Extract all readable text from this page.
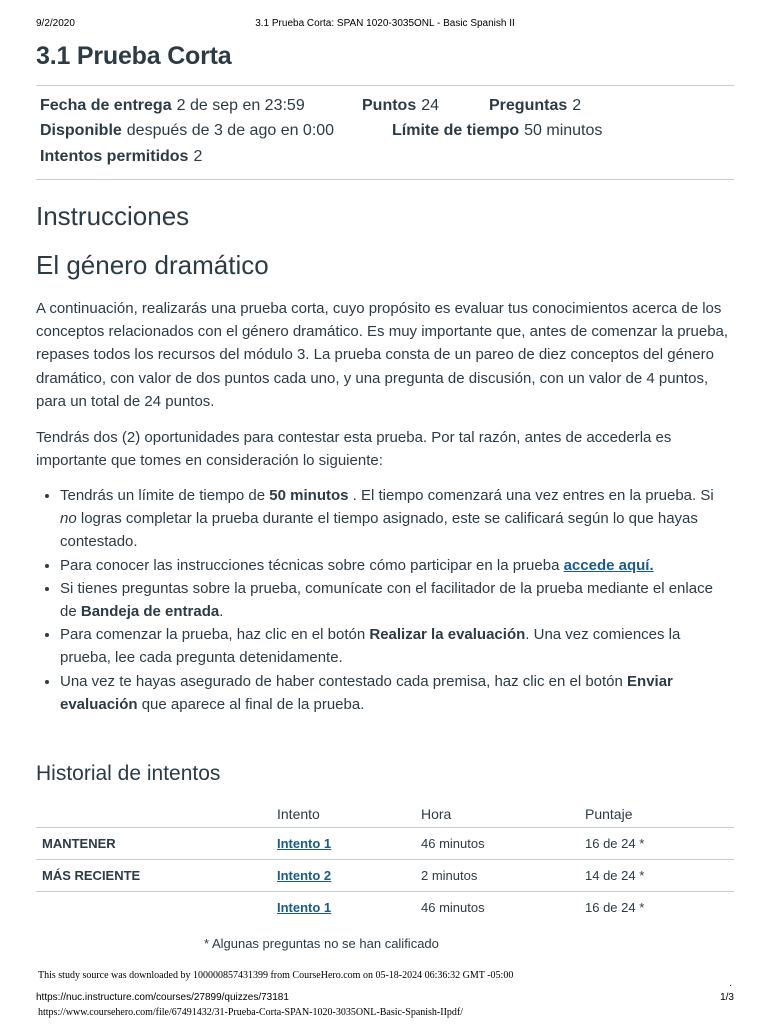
9/2/2020	3.1 Prueba Corta: SPAN 1020-3035ONL - Basic Spanish II
3.1 Prueba Corta
Fecha de entrega 2 de sep en 23:59	Puntos 24	Preguntas 2
Disponible después de 3 de ago en 0:00	Límite de tiempo 50 minutos
Intentos permitidos 2
Instrucciones
El género dramático

A continuación, realizarás una prueba corta, cuyo propósito es evaluar tus conocimientos acerca de los conceptos relacionados con el género dramático. Es muy importante que, antes de comenzar la prueba, repases todos los recursos del módulo 3. La prueba consta de un pareo de diez conceptos del género dramático, con valor de dos puntos cada uno, y una pregunta de discusión, con un valor de 4 puntos, para un total de 24 puntos.

Tendrás dos (2) oportunidades para contestar esta prueba. Por tal razón, antes de accederla es importante que tomes en consideración lo siguiente:

• Tendrás un límite de tiempo de 50 minutos . El tiempo comenzará una vez entres en la prueba. Si no logras completar la prueba durante el tiempo asignado, este se calificará según lo que hayas contestado.
• Para conocer las instrucciones técnicas sobre cómo participar en la prueba accede aquí.
• Si tienes preguntas sobre la prueba, comunícate con el facilitador de la prueba mediante el enlace de Bandeja de entrada.
• Para comenzar la prueba, haz clic en el botón Realizar la evaluación. Una vez comiences la prueba, lee cada pregunta detenidamente.
• Una vez te hayas asegurado de haber contestado cada premisa, haz clic en el botón Enviar evaluación que aparece al final de la prueba.
Historial de intentos
	Intento	Hora	Puntaje
MANTENER	Intento 1	46 minutos	16 de 24 *
MÁS RECIENTE	Intento 2	2 minutos	14 de 24 *
	Intento 1	46 minutos	16 de 24 *
* Algunas preguntas no se han calificado
This study source was downloaded by 100000857431399 from CourseHero.com on 05-18-2024 06:36:32 GMT -05:00
.
https://nuc.instructure.com/courses/27899/quizzes/73181	1/3
https://www.coursehero.com/file/67491432/31-Prueba-Corta-SPAN-1020-3035ONL-Basic-Spanish-IIpdf/
